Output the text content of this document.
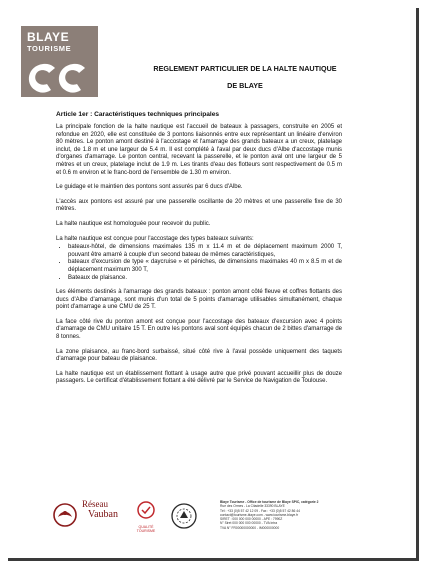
BLAYE
TOURISME
REGLEMENT PARTICULIER DE LA HALTE NAUTIQUE
DE BLAYE
Article 1er : Caractéristiques techniques principales

La principale fonction de la halte nautique est l'accueil de bateaux à passagers, construite en 2005 et refondue en 2020, elle est constituée de 3 pontons liaisonnés entre eux représentant un linéaire d'environ 80 mètres. Le ponton amont destiné à l'accostage et l'amarrage des grands bateaux a un creux, platelage inclut, de 1.8 m et une largeur de 5.4 m. Il est complété à l'aval par deux ducs d'Albe d'accostage munis d'organes d'amarrage. Le ponton central, recevant la passerelle, et le ponton aval ont une largeur de 5 mètres et un creux, platelage inclut de 1.9 m. Les tirants d'eau des flotteurs sont respectivement de 0.5 m et 0.6 m environ et le franc-bord de l'ensemble de 1.30 m environ.

Le guidage et le maintien des pontons sont assurés par 6 ducs d'Albe.

L'accès aux pontons est assuré par une passerelle oscillante de 20 mètres et une passerelle fixe de 30 mètres.

La halte nautique est homologuée pour recevoir du public.

La halte nautique est conçue pour l'accostage des types bateaux suivants:

• bateaux-hôtel, de dimensions maximales 135 m x 11.4 m et de déplacement maximum 2000 T, pouvant être amarré à couple d'un second bateau de mêmes caractéristiques,
• bateaux d'excursion de type « daycruise » et péniches, de dimensions maximales 40 m x 8.5 m et de déplacement maximum 300 T,
• Bateaux de plaisance.

Les éléments destinés à l'amarrage des grands bateaux : ponton amont côté fleuve et coffres flottants des ducs d'Albe d'amarrage, sont munis d'un total de 5 points d'amarrage utilisables simultanément, chaque point d'amarrage a une CMU de 25 T.

La face côté rive du ponton amont est conçue pour l'accostage des bateaux d'excursion avec 4 points d'amarrage de CMU unitaire 15 T. En outre les pontons aval sont équipés chacun de 2 bittes d'amarrage de 8 tonnes.

La zone plaisance, au franc-bord surbaissé, situé côté rive à l'aval possède uniquement des taquets d'amarrage pour bateau de plaisance.

La halte nautique est un établissement flottant à usage autre que privé pouvant accueillir plus de douze passagers. Le certificat d'établissement flottant a été délivré par le Service de Navigation de Toulouse.

Réseau
Vauban
QUALITÉ TOURISME
Blaye Tourisme - Office de tourisme de Blaye SPIC, catégorie 2
Rue des Ormes - La Citadelle 33390 BLAYE
Tél : +33 (0)5 57 42 12 09 - Fax : +33 (0)5 57 42 86 44
contact@tourisme-blaye.com - www.tourisme-blaye.fr
SIRET : 000 000 000 00000 - APE : 7990Z
N° Siret 000 000 000 00000 - TVA Intra
TVA N° FR00000000000 - IM000000000
